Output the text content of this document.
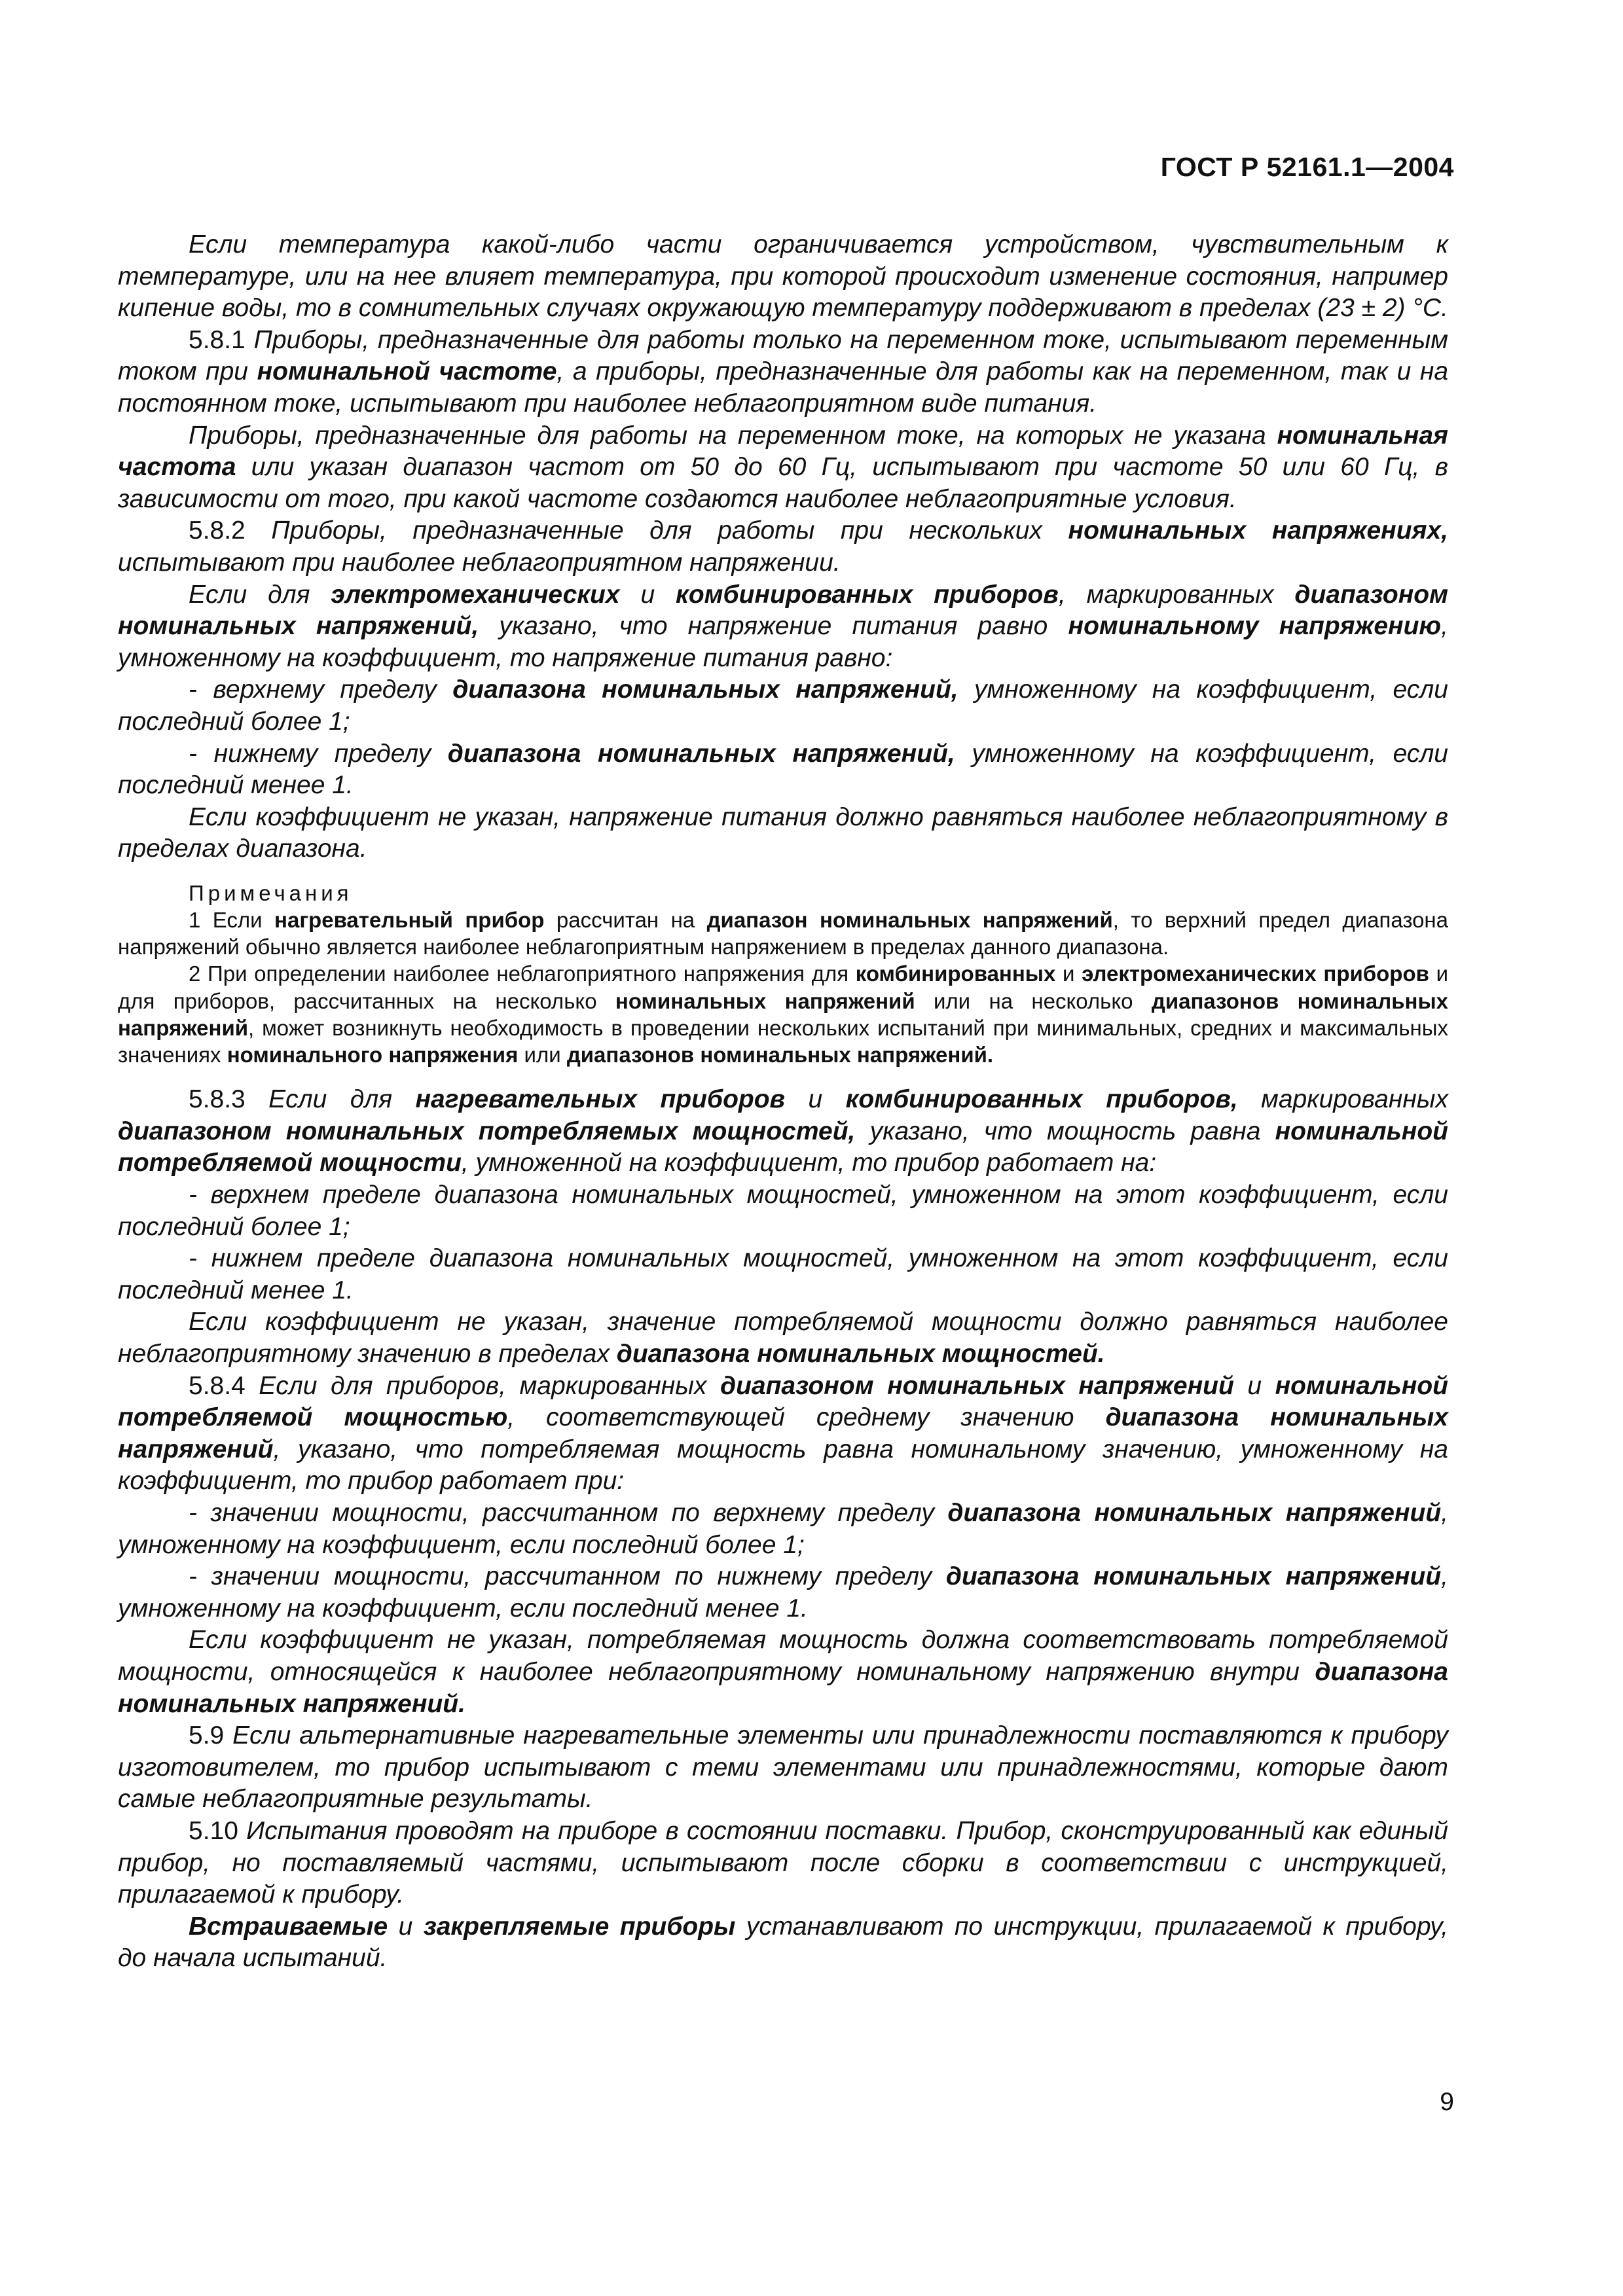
ГОСТ Р 52161.1—2004

Если температура какой-либо части ограничивается устройством, чувствительным к температуре, или на нее влияет температура, при которой происходит изменение состояния, например кипение воды, то в сомнительных случаях окружающую температуру поддерживают в пределах (23 ± 2) °С.

5.8.1 Приборы, предназначенные для работы только на переменном токе, испытывают переменным током при номинальной частоте, а приборы, предназначенные для работы как на переменном, так и на постоянном токе, испытывают при наиболее неблагоприятном виде питания.

Приборы, предназначенные для работы на переменном токе, на которых не указана номинальная частота или указан диапазон частот от 50 до 60 Гц, испытывают при частоте 50 или 60 Гц, в зависимости от того, при какой частоте создаются наиболее неблагоприятные условия.

5.8.2 Приборы, предназначенные для работы при нескольких номинальных напряжениях, испытывают при наиболее неблагоприятном напряжении.

Если для электромеханических и комбинированных приборов, маркированных диапазоном номинальных напряжений, указано, что напряжение питания равно номинальному напряжению, умноженному на коэффициент, то напряжение питания равно:

- верхнему пределу диапазона номинальных напряжений, умноженному на коэффициент, если последний более 1;

- нижнему пределу диапазона номинальных напряжений, умноженному на коэффициент, если последний менее 1.

Если коэффициент не указан, напряжение питания должно равняться наиболее неблагоприятному в пределах диапазона.

Примечания

1 Если нагревательный прибор рассчитан на диапазон номинальных напряжений, то верхний предел диапазона напряжений обычно является наиболее неблагоприятным напряжением в пределах данного диапазона.

2 При определении наиболее неблагоприятного напряжения для комбинированных и электромеханических приборов и для приборов, рассчитанных на несколько номинальных напряжений или на несколько диапазонов номинальных напряжений, может возникнуть необходимость в проведении нескольких испытаний при минимальных, средних и максимальных значениях номинального напряжения или диапазонов номинальных напряжений.

5.8.3 Если для нагревательных приборов и комбинированных приборов, маркированных диапазоном номинальных потребляемых мощностей, указано, что мощность равна номинальной потребляемой мощности, умноженной на коэффициент, то прибор работает на:

- верхнем пределе диапазона номинальных мощностей, умноженном на этот коэффициент, если последний более 1;

- нижнем пределе диапазона номинальных мощностей, умноженном на этот коэффициент, если последний менее 1.

Если коэффициент не указан, значение потребляемой мощности должно равняться наиболее неблагоприятному значению в пределах диапазона номинальных мощностей.

5.8.4 Если для приборов, маркированных диапазоном номинальных напряжений и номинальной потребляемой мощностью, соответствующей среднему значению диапазона номинальных напряжений, указано, что потребляемая мощность равна номинальному значению, умноженному на коэффициент, то прибор работает при:

- значении мощности, рассчитанном по верхнему пределу диапазона номинальных напряжений, умноженному на коэффициент, если последний более 1;

- значении мощности, рассчитанном по нижнему пределу диапазона номинальных напряжений, умноженному на коэффициент, если последний менее 1.

Если коэффициент не указан, потребляемая мощность должна соответствовать потребляемой мощности, относящейся к наиболее неблагоприятному номинальному напряжению внутри диапазона номинальных напряжений.

5.9 Если альтернативные нагревательные элементы или принадлежности поставляются к прибору изготовителем, то прибор испытывают с теми элементами или принадлежностями, которые дают самые неблагоприятные результаты.

5.10 Испытания проводят на приборе в состоянии поставки. Прибор, сконструированный как единый прибор, но поставляемый частями, испытывают после сборки в соответствии с инструкцией, прилагаемой к прибору.

Встраиваемые и закрепляемые приборы устанавливают по инструкции, прилагаемой к прибору, до начала испытаний.

9
